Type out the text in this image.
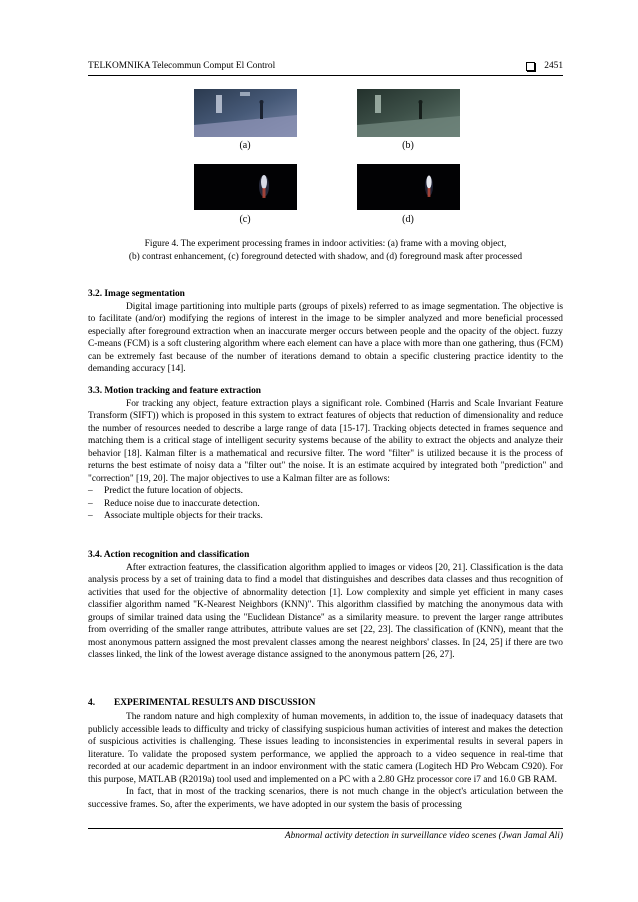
TELKOMNIKA Telecommun Comput El Control	2451
(a)	(b)
(c)	(d)
Figure 4. The experiment processing frames in indoor activities: (a) frame with a moving object,
(b) contrast enhancement, (c) foreground detected with shadow, and (d) foreground mask after processed
3.2. Image segmentation

Digital image partitioning into multiple parts (groups of pixels) referred to as image segmentation. The objective is to facilitate (and/or) modifying the regions of interest in the image to be simpler analyzed and more beneficial processed especially after foreground extraction when an inaccurate merger occurs between people and the opacity of the object. fuzzy C-means (FCM) is a soft clustering algorithm where each element can have a place with more than one gathering, thus (FCM) can be extremely fast because of the number of iterations demand to obtain a specific clustering practice identity to the demanding accuracy [14].

3.3. Motion tracking and feature extraction

For tracking any object, feature extraction plays a significant role. Combined (Harris and Scale Invariant Feature Transform (SIFT)) which is proposed in this system to extract features of objects that reduction of dimensionality and reduce the number of resources needed to describe a large range of data [15-17]. Tracking objects detected in frames sequence and matching them is a critical stage of intelligent security systems because of the ability to extract the objects and analyze their behavior [18]. Kalman filter is a mathematical and recursive filter. The word "filter" is utilized because it is the process of returns the best estimate of noisy data a "filter out" the noise. It is an estimate acquired by integrated both "prediction" and "correction" [19, 20]. The major objectives to use a Kalman filter are as follows:

– Predict the future location of objects.
– Reduce noise due to inaccurate detection.
– Associate multiple objects for their tracks.
3.4. Action recognition and classification

After extraction features, the classification algorithm applied to images or videos [20, 21]. Classification is the data analysis process by a set of training data to find a model that distinguishes and describes data classes and thus recognition of activities that used for the objective of abnormality detection [1]. Low complexity and simple yet efficient in many cases classifier algorithm named "K-Nearest Neighbors (KNN)". This algorithm classified by matching the anonymous data with groups of similar trained data using the "Euclidean Distance" as a similarity measure. to prevent the larger range attributes from overriding of the smaller range attributes, attribute values are set [22, 23]. The classification of (KNN), meant that the most anonymous pattern assigned the most prevalent classes among the nearest neighbors' classes. In [24, 25] if there are two classes linked, the link of the lowest average distance assigned to the anonymous pattern [26, 27].

4. EXPERIMENTAL RESULTS AND DISCUSSION

The random nature and high complexity of human movements, in addition to, the issue of inadequacy datasets that publicly accessible leads to difficulty and tricky of classifying suspicious human activities of interest and makes the detection of suspicious activities is challenging. These issues leading to inconsistencies in experimental results in several papers in literature. To validate the proposed system performance, we applied the approach to a video sequence in real-time that recorded at our academic department in an indoor environment with the static camera (Logitech HD Pro Webcam C920). For this purpose, MATLAB (R2019a) tool used and implemented on a PC with a 2.80 GHz processor core i7 and 16.0 GB RAM.

In fact, that in most of the tracking scenarios, there is not much change in the object's articulation between the successive frames. So, after the experiments, we have adopted in our system the basis of processing

Abnormal activity detection in surveillance video scenes (Jwan Jamal Ali)
